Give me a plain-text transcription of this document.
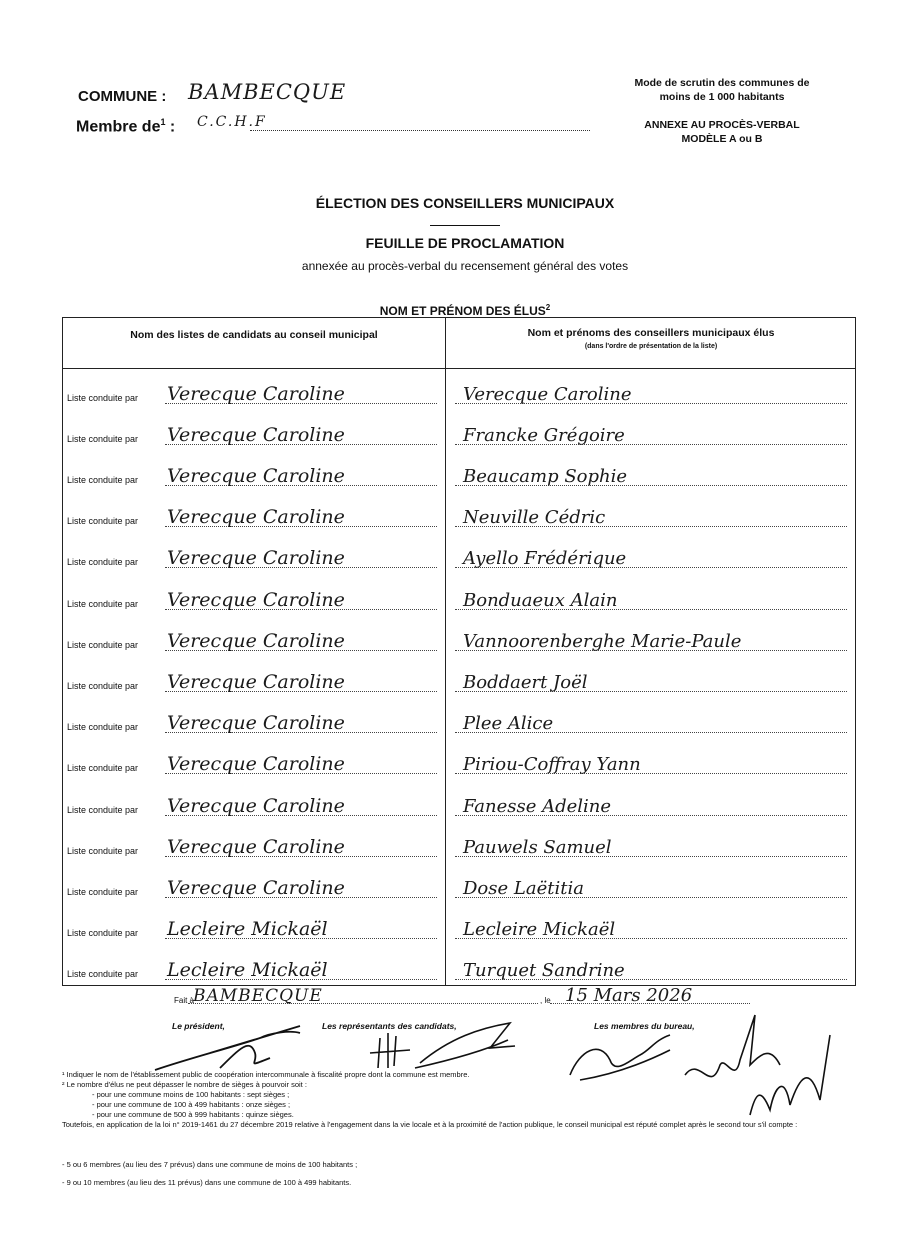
COMMUNE : BAMBECQUE
Membre $de^1$ : C.C.H.F
Mode de scrutin des communes de moins de 1 000 habitants
ANNEXE AU PROCÈS-VERBAL MODÈLE A ou B
ÉLECTION DES CONSEILLERS MUNICIPAUX
FEUILLE DE PROCLAMATION
annexée au procès-verbal du recensement général des votes
NOM ET PRÉNOM DES ÉLUS$^2$
Nom des listes de candidats au conseil municipal	Nom et prénoms des conseillers municipaux élus
(dans l'ordre de présentation de la liste)
Liste conduite par Verecque Caroline	Verecque Caroline
Liste conduite par Verecque Caroline	Francke Grégoire
Liste conduite par Verecque Caroline	Beaucamp Sophie
Liste conduite par Verecque Caroline	Neuville Cédric
Liste conduite par Verecque Caroline	Ayello Frédérique
Liste conduite par Verecque Caroline	Bonduaeux Alain
Liste conduite par Verecque Caroline	Vannoorenberghe Marie-Paule
Liste conduite par Verecque Caroline	Boddaert Joël
Liste conduite par Verecque Caroline	Plee Alice
Liste conduite par Verecque Caroline	Piriou-Coffray Yann
Liste conduite par Verecque Caroline	Fanesse Adeline
Liste conduite par Verecque Caroline	Pauwels Samuel
Liste conduite par Verecque Caroline	Dose Laëtitia
Liste conduite par Lecleire Mickaël	Lecleire Mickaël
Liste conduite par Lecleire Mickaël	Turquet Sandrine
Fait à
BAMBECQUE	, le 15 Mars 2026
Le président,	Les représentants des candidats,	Les membres du bureau,

¹ Indiquer le nom de l'établissement public de coopération intercommunale à fiscalité propre dont la commune est membre.

² Le nombre d'élus ne peut dépasser le nombre de sièges à pourvoir soit :

- pour une commune moins de 100 habitants : sept sièges ;

- pour une commune de 100 à 499 habitants : onze sièges ;

- pour une commune de 500 à 999 habitants : quinze sièges.

Toutefois, en application de la loi n° 2019-1461 du 27 décembre 2019 relative à l'engagement dans la vie locale et à la proximité de l'action publique, le conseil municipal est réputé complet après le second tour s'il compte :

- 5 ou 6 membres (au lieu des 7 prévus) dans une commune de moins de 100 habitants ;
- 9 ou 10 membres (au lieu des 11 prévus) dans une commune de 100 à 499 habitants.
